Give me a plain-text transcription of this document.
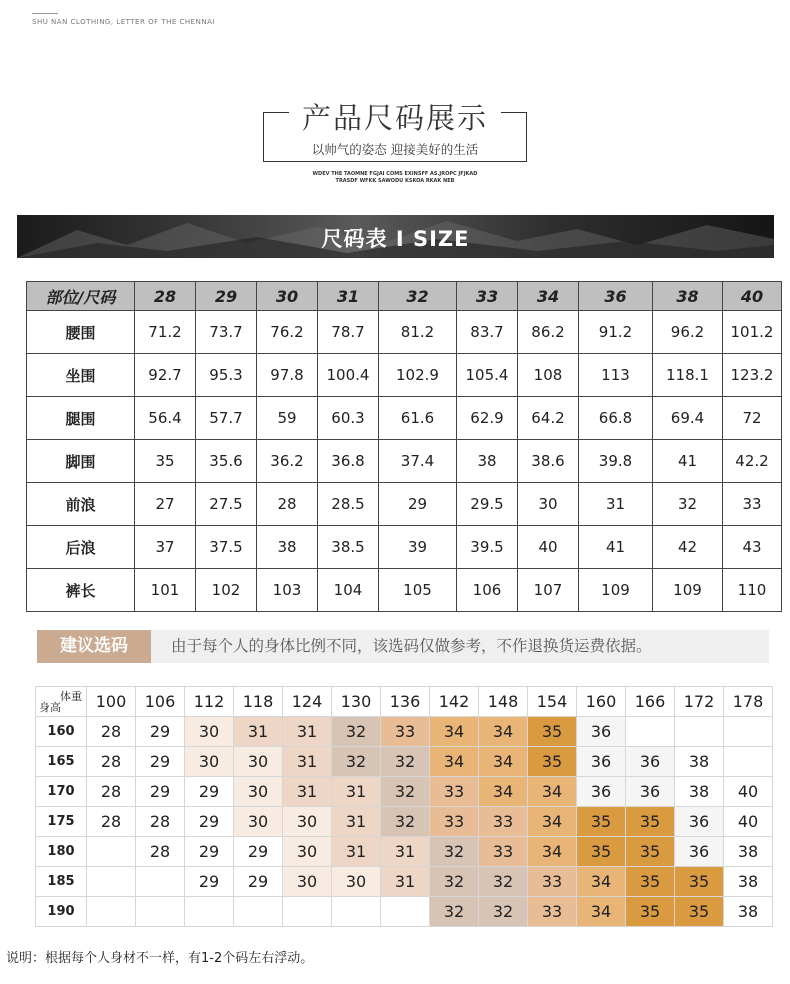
SHU NAN CLOTHING, LETTER OF THE CHENNAI
产品尺码展示
以帅气的姿态 迎接美好的生活
WDEV THE TAOMNE FGJAI COMS EXINSFF AS.JROPC JFJKAD
TRASDF WFKK SAWODU KSKOA RKAK NEB
尺码表 I SIZE
部位/尺码	28	29	30	31	32	33	34	36	38	40
腰围	71.2	73.7	76.2	78.7	81.2	83.7	86.2	91.2	96.2	101.2
坐围	92.7	95.3	97.8	100.4	102.9	105.4	108	113	118.1	123.2
腿围	56.4	57.7	59	60.3	61.6	62.9	64.2	66.8	69.4	72
脚围	35	35.6	36.2	36.8	37.4	38	38.6	39.8	41	42.2
前浪	27	27.5	28	28.5	29	29.5	30	31	32	33
后浪	37	37.5	38	38.5	39	39.5	40	41	42	43
裤长	101	102	103	104	105	106	107	109	109	110
建议选码	由于每个人的身体比例不同，该选码仅做参考，不作退换货运费依据。
体重
身高	100	106	112	118	124	130	136	142	148	154	160	166	172	178
160	28	29	30	31	31	32	33	34	34	35	36			
165	28	29	30	30	31	32	32	34	34	35	36	36	38	
170	28	29	29	30	31	31	32	33	34	34	36	36	38	40
175	28	28	29	30	30	31	32	33	33	34	35	35	36	40
180		28	29	29	30	31	31	32	33	34	35	35	36	38
185			29	29	30	30	31	32	32	33	34	35	35	38
190								32	32	33	34	35	35	38
说明：根据每个人身材不一样，有1-2个码左右浮动。
